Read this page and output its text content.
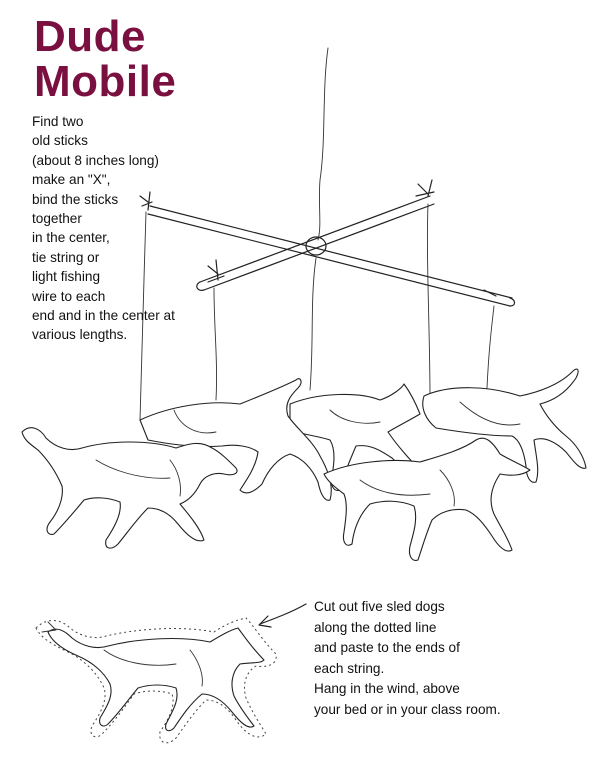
Dude
Mobile
Find two
old sticks
(about 8 inches long)
make an "X",
bind the sticks
together
in the center,
tie string or
light fishing
wire to each
end and in the center at
various lengths.
Cut out five sled dogs
along the dotted line
and paste to the ends of
each string.
Hang in the wind, above
your bed or in your class room.
